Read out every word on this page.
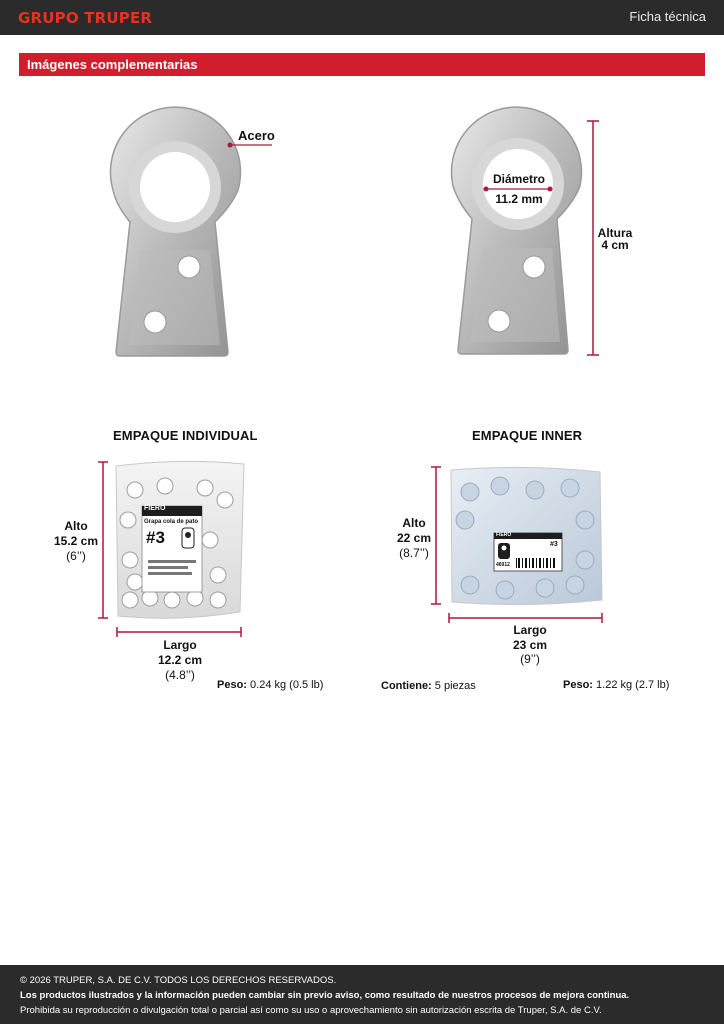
GRUPO TRUPER	Ficha técnica
Imágenes complementarias
Acero
Diámetro
11.2 mm
Altura
4 cm
FIERO
Grapa cola de pato
#3	FIERO
#3
46912
EMPAQUE INDIVIDUAL
Alto
15.2 cm
(6’’)
Largo
12.2 cm
(4.8’’)
Peso: 0.24 kg (0.5 lb)
EMPAQUE INNER
Alto
22 cm
(8.7’’)
Largo
23 cm
(9’’)
Contiene: 5 piezas	Peso: 1.22 kg (2.7 lb)
© 2026 TRUPER, S.A. DE C.V. TODOS LOS DERECHOS RESERVADOS.
Los productos ilustrados y la información pueden cambiar sin previo aviso, como resultado de nuestros procesos de mejora continua.
Prohibida su reproducción o divulgación total o parcial así como su uso o aprovechamiento sin autorización escrita de Truper, S.A. de C.V.
